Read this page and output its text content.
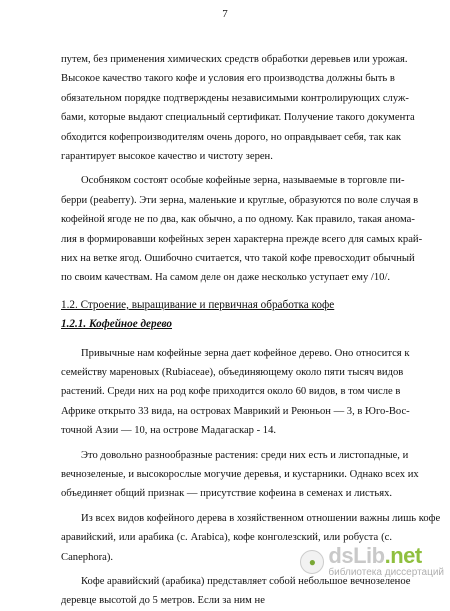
7
путем, без применения химических средств обработки деревьев или урожая.
Высокое качество такого кофе и условия его производства должны быть в
обязательном порядке подтверждены независимыми контролирующих служ-
бами, которые выдают специальный сертификат. Получение такого документа
обходится кофепроизводителям очень дорого, но оправдывает себя, так как
гарантирует высокое качество и чистоту зерен.
Особняком состоят особые кофейные зерна, называемые в торговле пи-
берри (peaberry). Эти зерна, маленькие и круглые, образуются по воле случая в
кофейной ягоде не по два, как обычно, а по одному. Как правило, такая анома-
лия в формировавши кофейных зерен характерна прежде всего для самых край-
них на ветке ягод. Ошибочно считается, что такой кофе превосходит обычный
по своим качествам. На самом деле он даже несколько уступает ему /10/.
1.2. Строение, выращивание и первичная обработка кофе
1.2.1. Кофейное дерево
Привычные нам кофейные зерна дает кофейное дерево. Оно относится к
семейству мареновых (Rubiaceae), объединяющему около пяти тысяч видов
растений. Среди них на род кофе приходится около 60 видов, в том числе в
Африке открыто 33 вида, на островах Маврикий и Реюньон — 3, в Юго-Вос-
точной Азии — 10, на острове Мадагаскар - 14.
Это довольно разнообразные растения: среди них есть и листопадные, и
вечнозеленые, и высокорослые могучие деревья, и кустарники. Однако всех их
объединяет общий признак — присутствие кофеина в семенах и листьях.
Из всех видов кофейного дерева в хозяйственном отношении важны лишь кофе
аравийский, или арабика (с. Arabica), кофе конголезский, или робуста (с.
Canephora).
Кофе аравийский (арабика) представляет собой небольшое вечнозеленое
деревце высотой до 5 метров. Если за ним не
● dsLib.net
библиотека диссертаций
